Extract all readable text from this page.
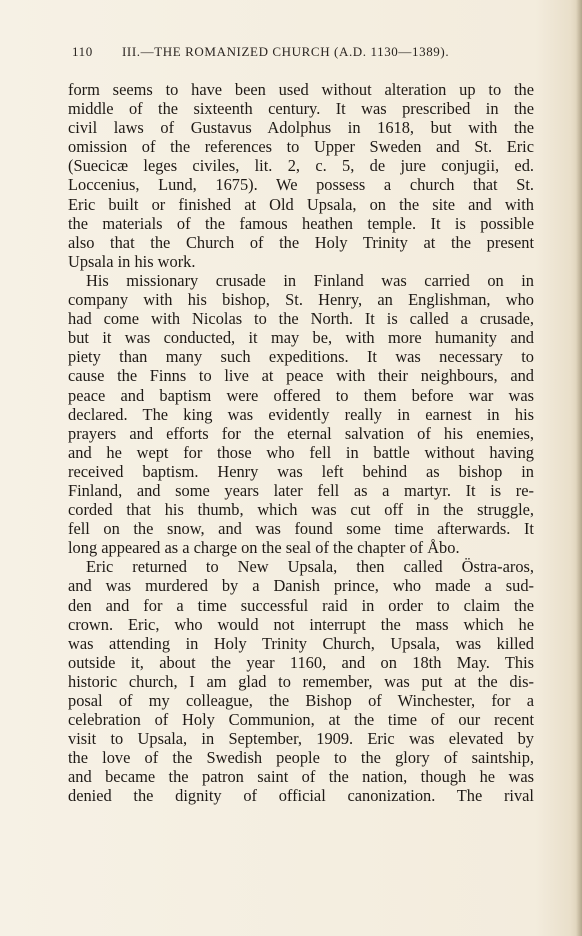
110 III.—THE ROMANIZED CHURCH (A.D. 1130—1389).
form seems to have been used without alteration up to the
middle of the sixteenth century. It was prescribed in the
civil laws of Gustavus Adolphus in 1618, but with the
omission of the references to Upper Sweden and St. Eric
(Suecicæ leges civiles, lit. 2, c. 5, de jure conjugii, ed.
Loccenius, Lund, 1675). We possess a church that St.
Eric built or finished at Old Upsala, on the site and with
the materials of the famous heathen temple. It is possible
also that the Church of the Holy Trinity at the present
Upsala in his work.
His missionary crusade in Finland was carried on in
company with his bishop, St. Henry, an Englishman, who
had come with Nicolas to the North. It is called a crusade,
but it was conducted, it may be, with more humanity and
piety than many such expeditions. It was necessary to
cause the Finns to live at peace with their neighbours, and
peace and baptism were offered to them before war was
declared. The king was evidently really in earnest in his
prayers and efforts for the eternal salvation of his enemies,
and he wept for those who fell in battle without having
received baptism. Henry was left behind as bishop in
Finland, and some years later fell as a martyr. It is re-
corded that his thumb, which was cut off in the struggle,
fell on the snow, and was found some time afterwards. It
long appeared as a charge on the seal of the chapter of Åbo.
Eric returned to New Upsala, then called Östra-aros,
and was murdered by a Danish prince, who made a sud-
den and for a time successful raid in order to claim the
crown. Eric, who would not interrupt the mass which he
was attending in Holy Trinity Church, Upsala, was killed
outside it, about the year 1160, and on 18th May. This
historic church, I am glad to remember, was put at the dis-
posal of my colleague, the Bishop of Winchester, for a
celebration of Holy Communion, at the time of our recent
visit to Upsala, in September, 1909. Eric was elevated by
the love of the Swedish people to the glory of saintship,
and became the patron saint of the nation, though he was
denied the dignity of official canonization. The rival
